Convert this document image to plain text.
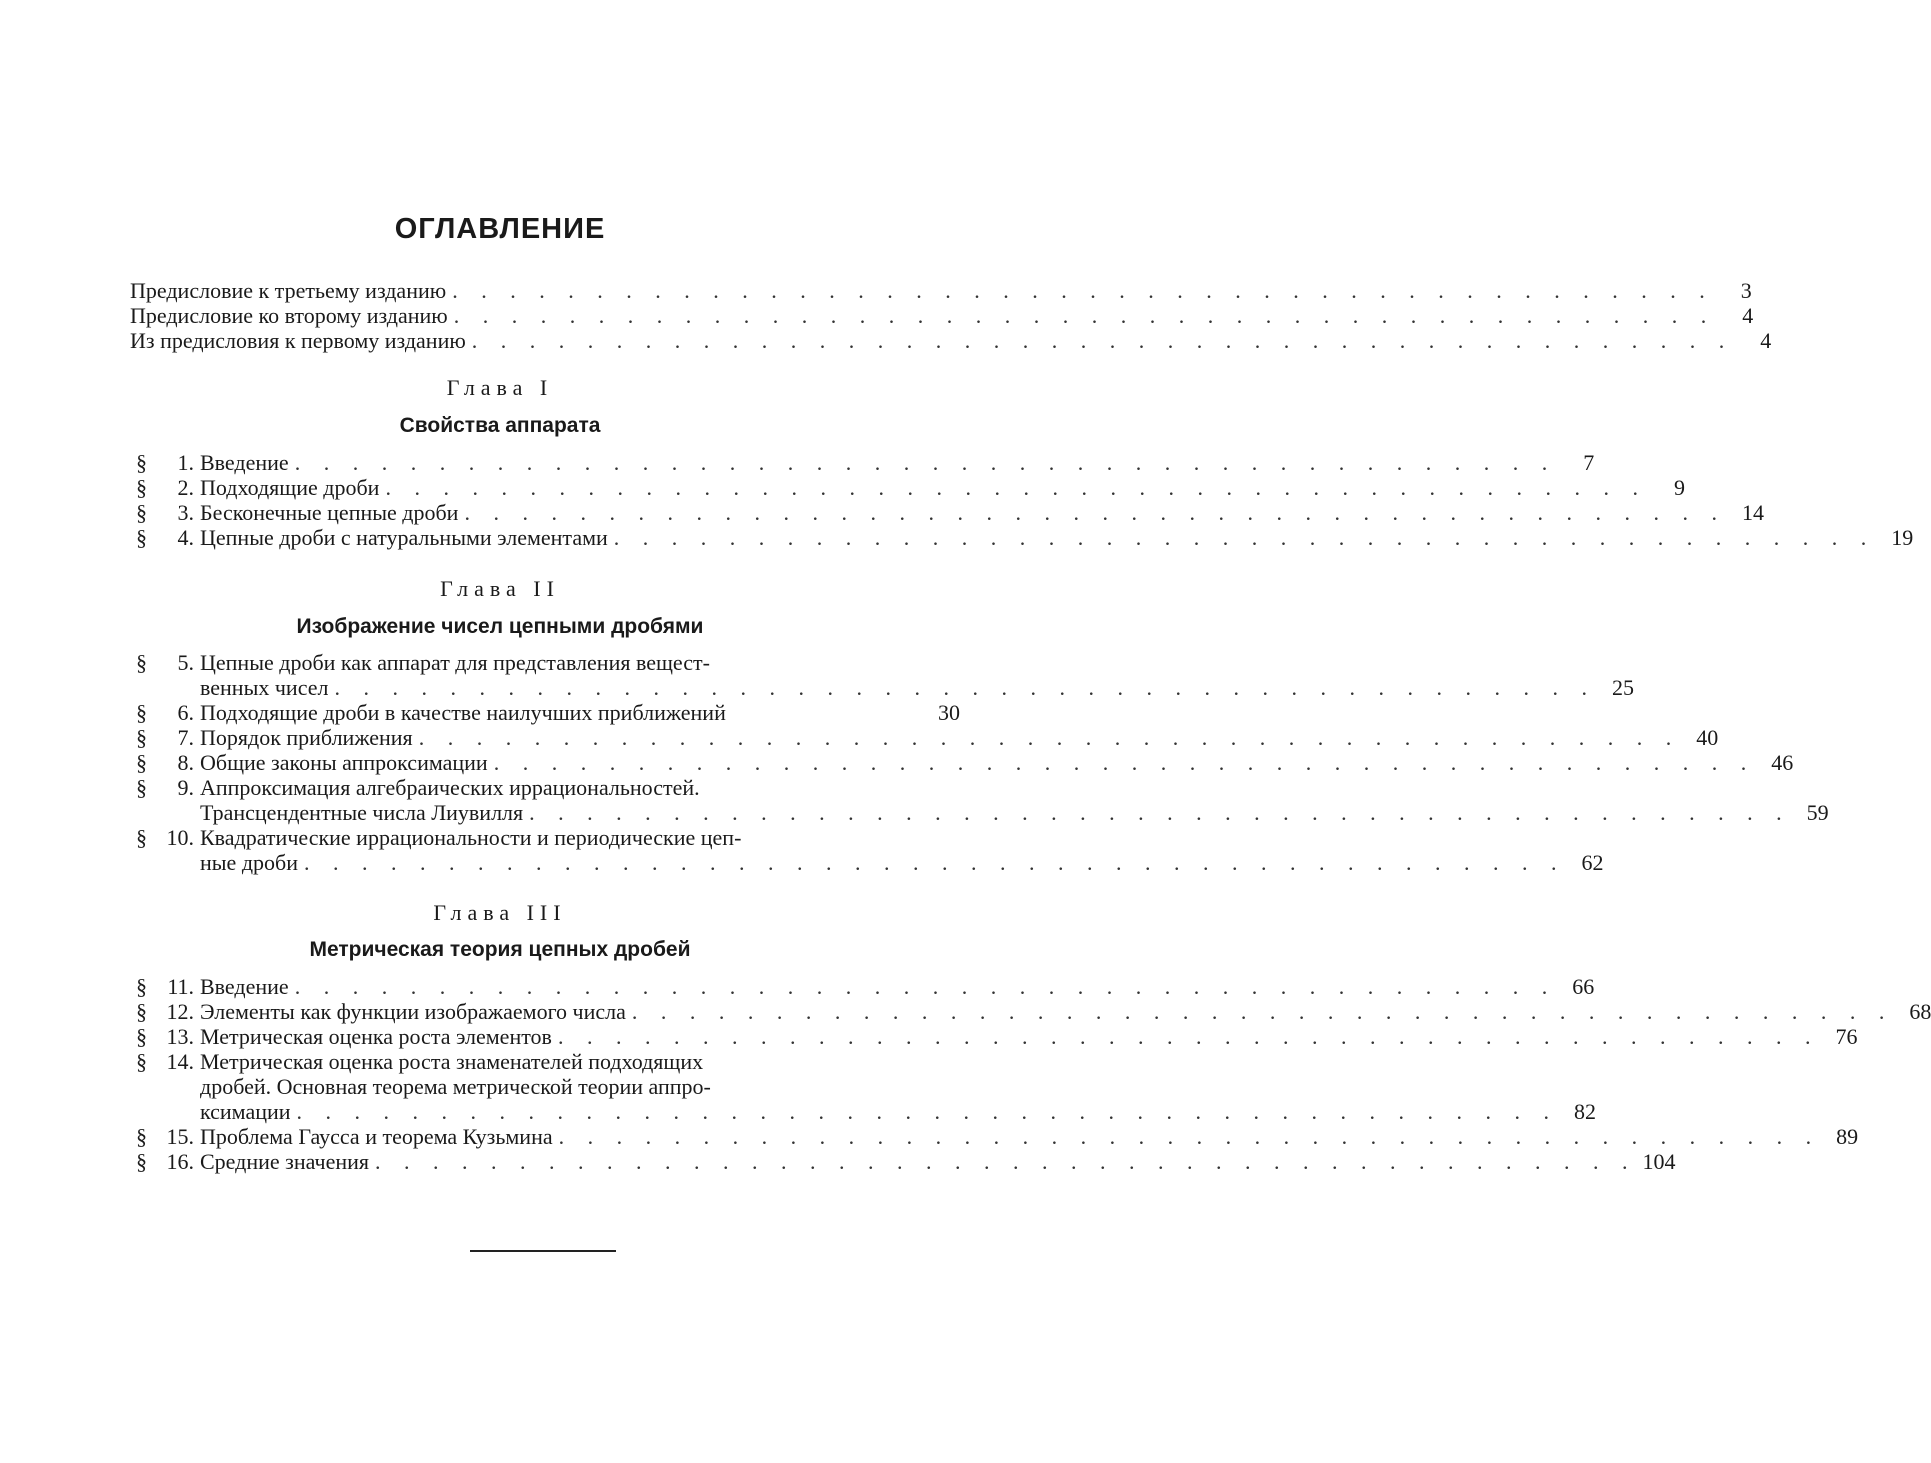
ОГЛАВЛЕНИЕ
Предисловие к третьему изданию . . . . . . . . . . . . . . . . . . . . . . . . . . . . . . . . . . . . . . . . . . . .	3
Предисловие ко второму изданию . . . . . . . . . . . . . . . . . . . . . . . . . . . . . . . . . . . . . . . . . . . .	4
Из предисловия к первому изданию . . . . . . . . . . . . . . . . . . . . . . . . . . . . . . . . . . . . . . . . . . . .	4
Глава I
Свойства аппарата
§ 1. Введение . . . . . . . . . . . . . . . . . . . . . . . . . . . . . . . . . . . . . . . . . . . .	7
§ 2. Подходящие дроби . . . . . . . . . . . . . . . . . . . . . . . . . . . . . . . . . . . . . . . . . . . .	9
§ 3. Бесконечные цепные дроби . . . . . . . . . . . . . . . . . . . . . . . . . . . . . . . . . . . . . . . . . . . . 14
§ 4. Цепные дроби с натуральными элементами . . . . . . . . . . . . . . . . . . . . . . . . . . . . . . . . . . . . . . . . . . . . 19
Глава II
Изображение чисел цепными дробями
§ 5. Цепные дроби как аппарат для представления вещест-
венных чисел . . . . . . . . . . . . . . . . . . . . . . . . . . . . . . . . . . . . . . . . . . . . 25
§ 6. Подходящие дроби в качестве наилучших приближений	30
§ 7. Порядок приближения . . . . . . . . . . . . . . . . . . . . . . . . . . . . . . . . . . . . . . . . . . . . 40
§ 8. Общие законы аппроксимации . . . . . . . . . . . . . . . . . . . . . . . . . . . . . . . . . . . . . . . . . . . . 46
§ 9. Аппроксимация алгебраических иррациональностей.
Трансцендентные числа Лиувилля . . . . . . . . . . . . . . . . . . . . . . . . . . . . . . . . . . . . . . . . . . . . 59
§ 10. Квадратические иррациональности и периодические цеп-
ные дроби . . . . . . . . . . . . . . . . . . . . . . . . . . . . . . . . . . . . . . . . . . . . 62
Глава III
Метрическая теория цепных дробей
§ 11. Введение . . . . . . . . . . . . . . . . . . . . . . . . . . . . . . . . . . . . . . . . . . . . 66
§ 12. Элементы как функции изображаемого числа . . . . . . . . . . . . . . . . . . . . . . . . . . . . . . . . . . . . . . . . . . . . 68
§ 13. Метрическая оценка роста элементов . . . . . . . . . . . . . . . . . . . . . . . . . . . . . . . . . . . . . . . . . . . . 76
§ 14. Метрическая оценка роста знаменателей подходящих
дробей. Основная теорема метрической теории аппро-
ксимации . . . . . . . . . . . . . . . . . . . . . . . . . . . . . . . . . . . . . . . . . . . . 82
§ 15. Проблема Гаусса и теорема Кузьмина . . . . . . . . . . . . . . . . . . . . . . . . . . . . . . . . . . . . . . . . . . . . 89
§ 16. Средние значения . . . . . . . . . . . . . . . . . . . . . . . . . . . . . . . . . . . . . . . . . . . . 104
